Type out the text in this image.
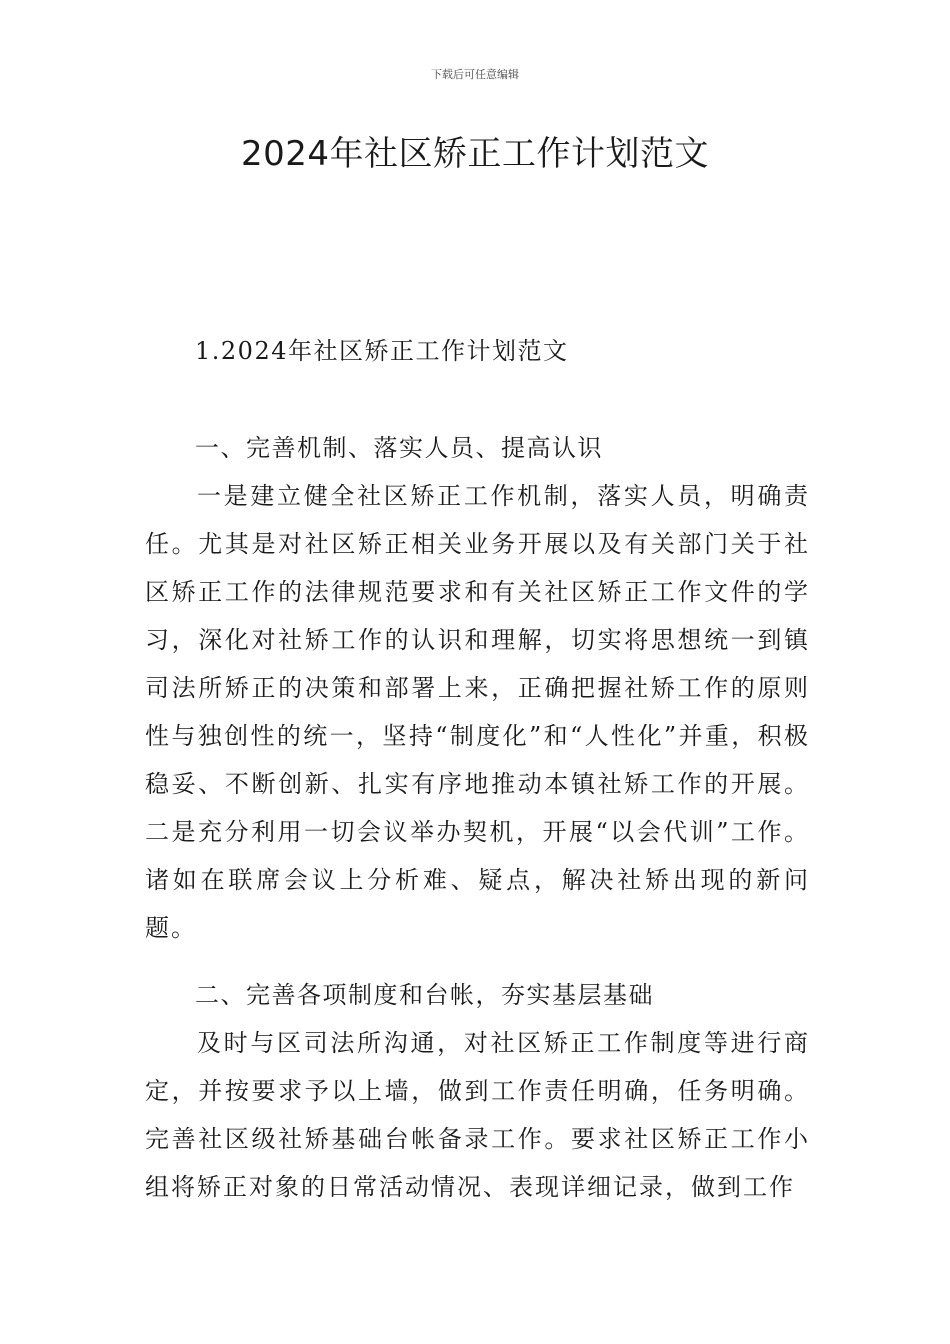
下载后可任意编辑
2024年社区矫正工作计划范文
1.2024年社区矫正工作计划范文
一、完善机制、落实人员、提高认识

一是建立健全社区矫正工作机制，落实人员，明确责任。尤其是对社区矫正相关业务开展以及有关部门关于社区矫正工作的法律规范要求和有关社区矫正工作文件的学习，深化对社矫工作的认识和理解，切实将思想统一到镇司法所矫正的决策和部署上来，正确把握社矫工作的原则性与独创性的统一，坚持“制度化”和“人性化”并重，积极稳妥、不断创新、扎实有序地推动本镇社矫工作的开展。二是充分利用一切会议举办契机，开展“以会代训”工作。诸如在联席会议上分析难、疑点，解决社矫出现的新问题。

二、完善各项制度和台帐，夯实基层基础

及时与区司法所沟通，对社区矫正工作制度等进行商定，并按要求予以上墙，做到工作责任明确，任务明确。完善社区级社矫基础台帐备录工作。要求社区矫正工作小组将矫正对象的日常活动情况、表现详细记录，做到工作
